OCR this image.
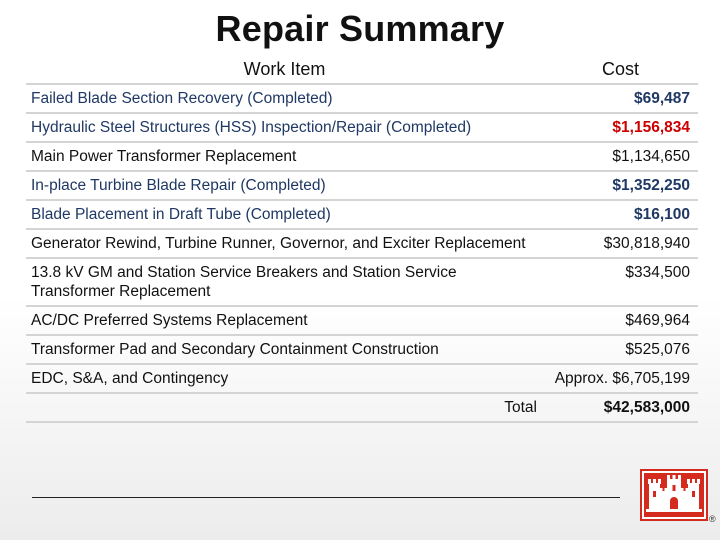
Repair Summary
Work Item	Cost
Failed Blade Section Recovery (Completed)	$69,487
Hydraulic Steel Structures (HSS) Inspection/Repair (Completed)	$1,156,834
Main Power Transformer Replacement	$1,134,650
In-place Turbine Blade Repair (Completed)	$1,352,250
Blade Placement in Draft Tube (Completed)	$16,100
Generator Rewind, Turbine Runner, Governor, and Exciter Replacement	$30,818,940
13.8 kV GM and Station Service Breakers and Station Service Transformer Replacement	$334,500
AC/DC Preferred Systems Replacement	$469,964
Transformer Pad and Secondary Containment Construction	$525,076
EDC, S&A, and Contingency	Approx. $6,705,199
Total	$42,583,000
®
